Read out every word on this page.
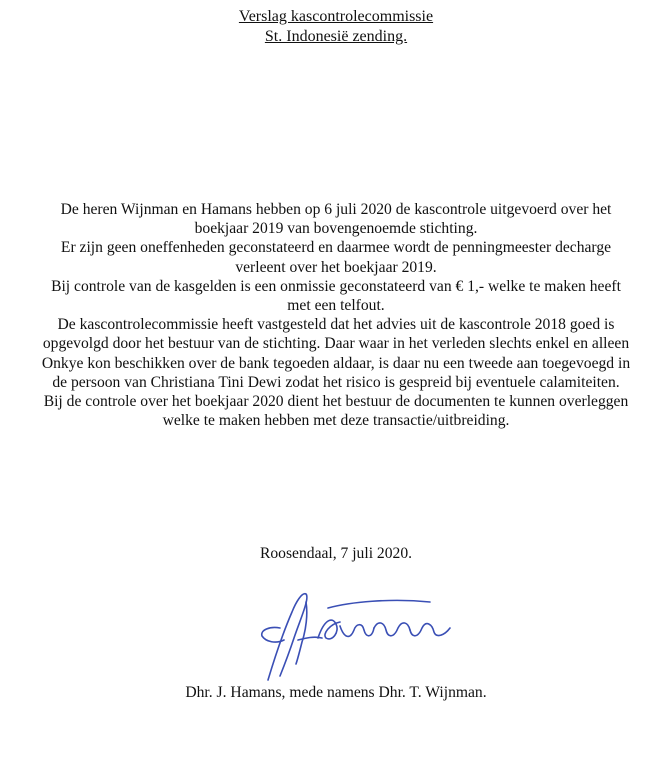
Verslag kascontrolecommissie
St. Indonesië zending.
De heren Wijnman en Hamans hebben op 6 juli 2020 de kascontrole uitgevoerd over het
boekjaar 2019 van bovengenoemde stichting.
Er zijn geen oneffenheden geconstateerd en daarmee wordt de penningmeester decharge
verleent over het boekjaar 2019.
Bij controle van de kasgelden is een onmissie geconstateerd van € 1,- welke te maken heeft
met een telfout.
De kascontrolecommissie heeft vastgesteld dat het advies uit de kascontrole 2018 goed is
opgevolgd door het bestuur van de stichting. Daar waar in het verleden slechts enkel en alleen
Onkye kon beschikken over de bank tegoeden aldaar, is daar nu een tweede aan toegevoegd in
de persoon van Christiana Tini Dewi zodat het risico is gespreid bij eventuele calamiteiten.
Bij de controle over het boekjaar 2020 dient het bestuur de documenten te kunnen overleggen
welke te maken hebben met deze transactie/uitbreiding.
Roosendaal, 7 juli 2020.
Dhr. J. Hamans, mede namens Dhr. T. Wijnman.
